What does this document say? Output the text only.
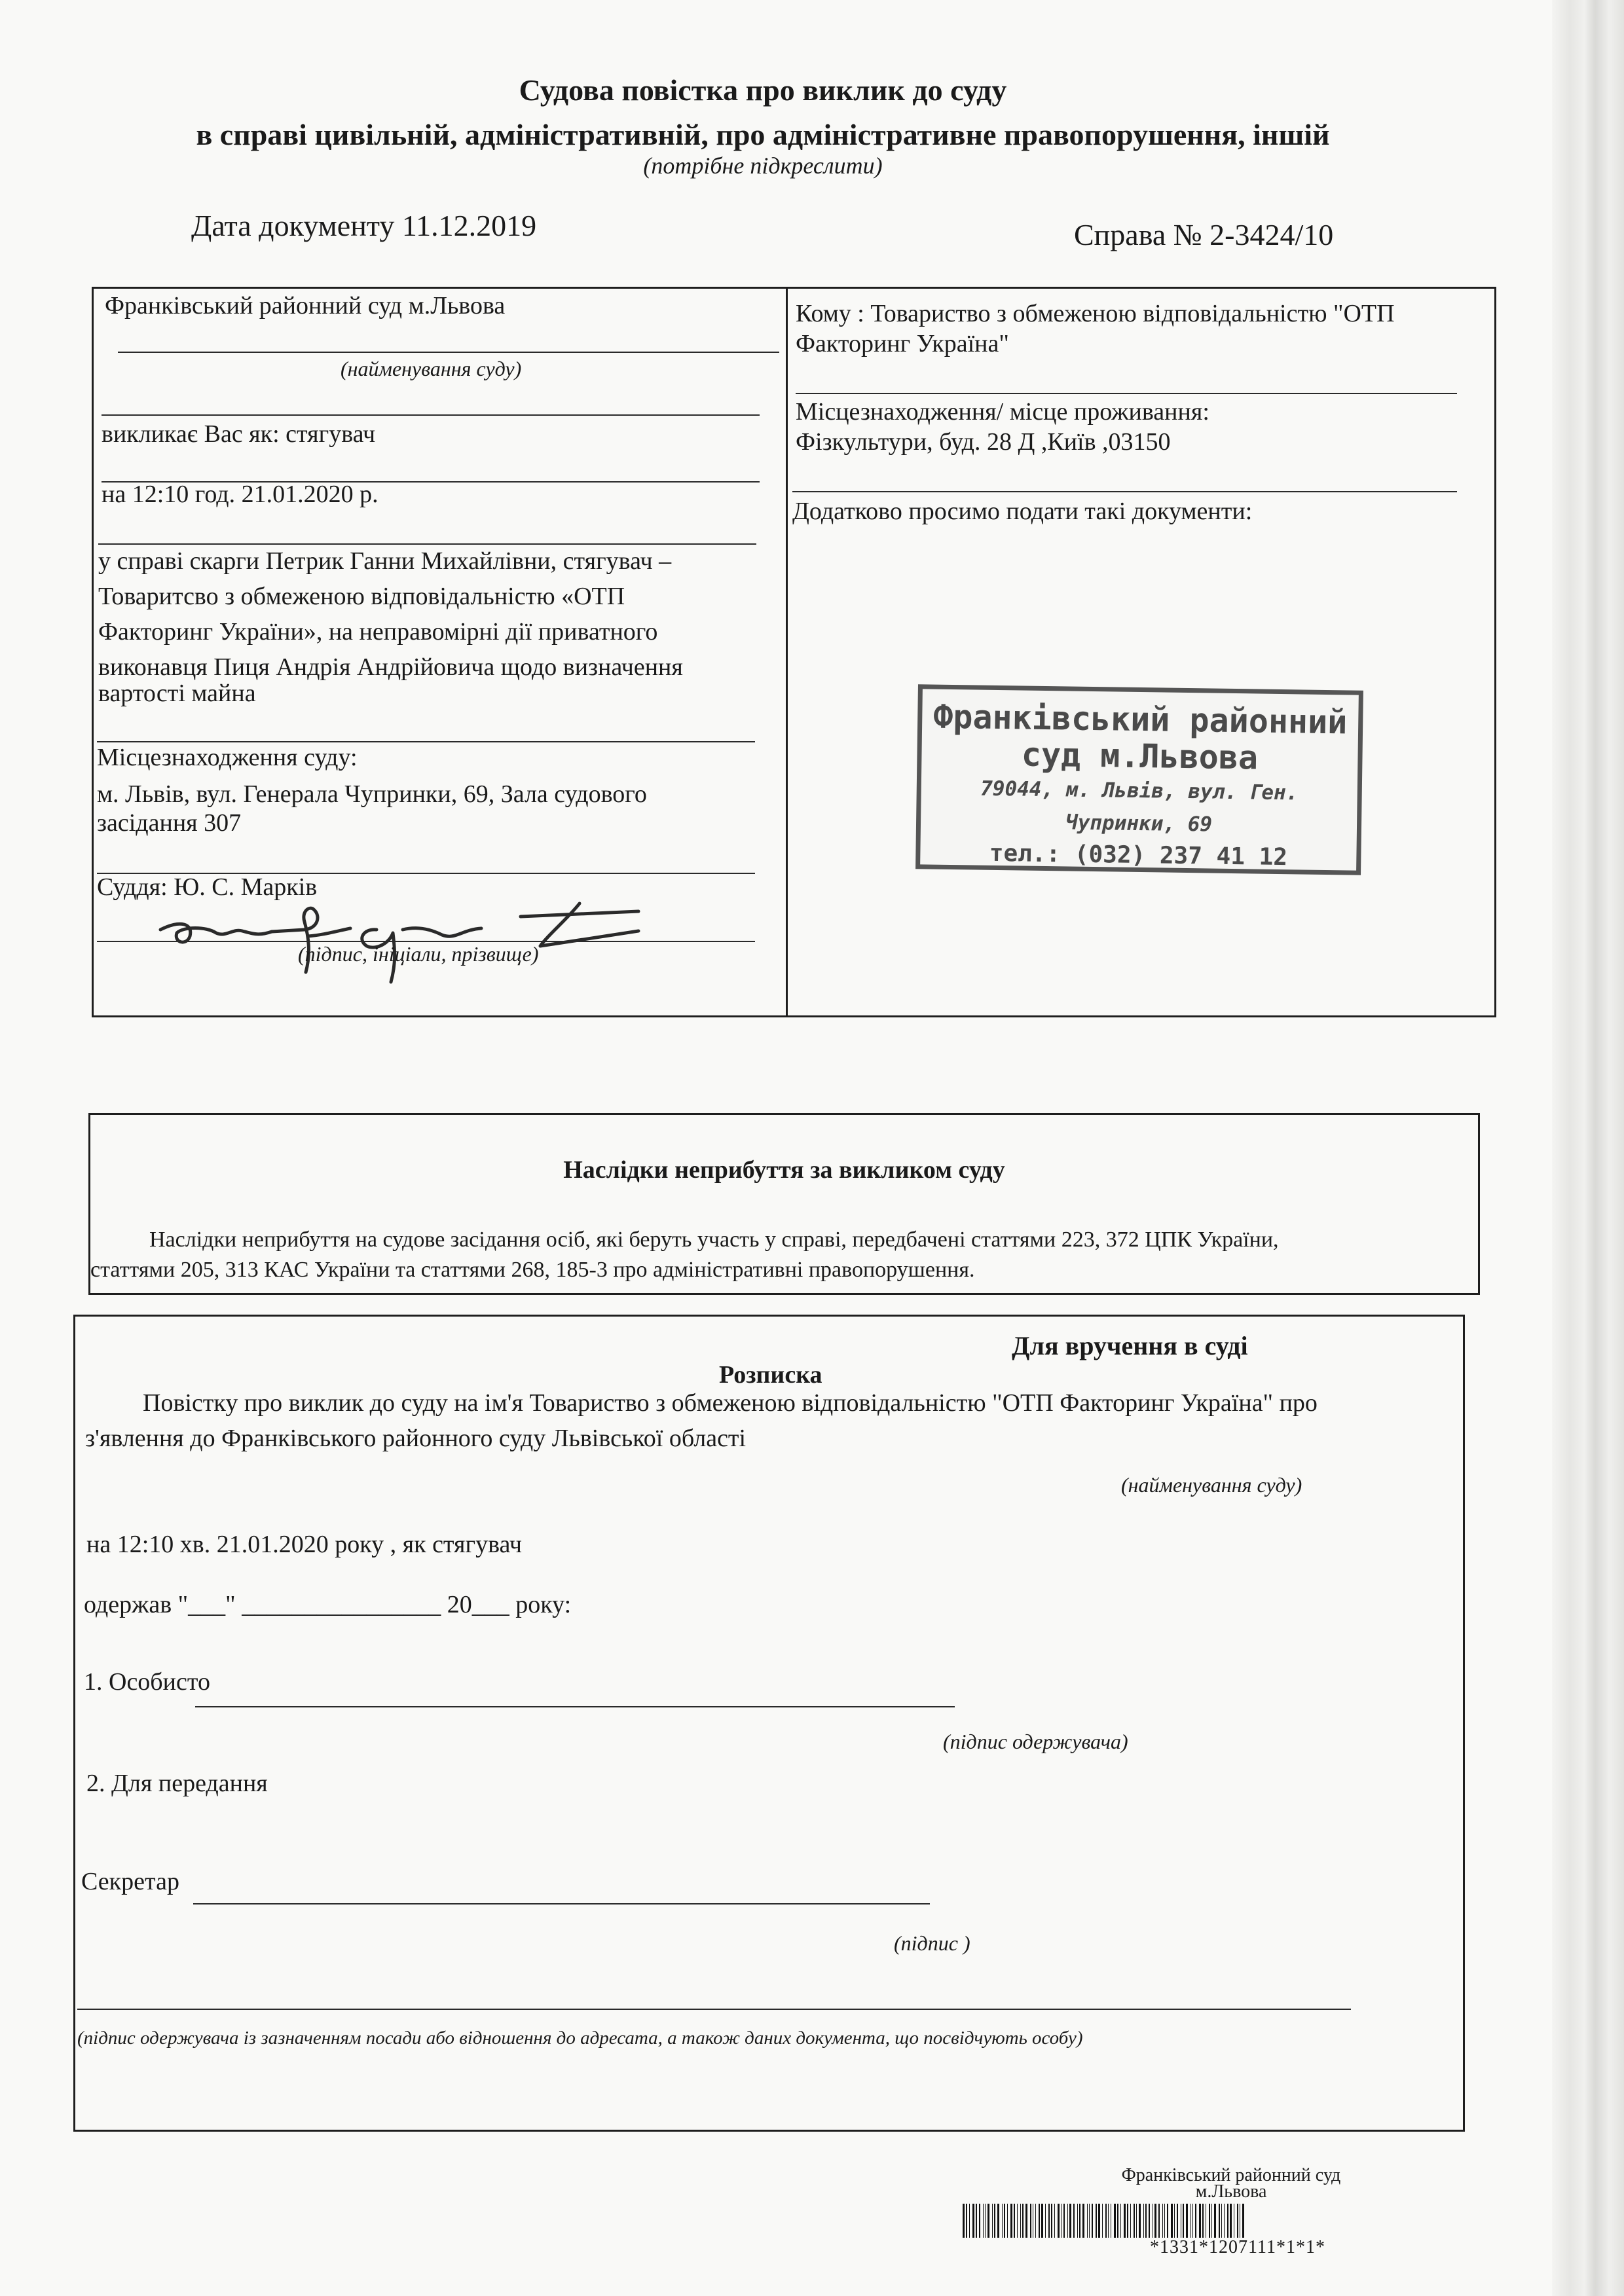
Судова повістка про виклик до суду
в справі цивільній, адміністративній, про адміністративне правопорушення, іншій
(потрібне підкреслити)
Дата документу 11.12.2019	Справа № 2-3424/10
Франківський районний суд м.Львова
(найменування суду)
викликає Вас як: стягувач
на 12:10 год. 21.01.2020 р.
у справі скарги Петрик Ганни Михайлівни, стягувач –
Товаритсво з обмеженою відповідальністю «ОТП
Факторинг України», на неправомірні дії приватного
виконавця Пиця Андрія Андрійовича щодо визначення
вартості майна
Місцезнаходження суду:
м. Львів, вул. Генерала Чупринки, 69, Зала судового
засідання 307
Суддя: Ю. С. Марків
(підпис, ініціали, прізвище)
Кому : Товариство з обмеженою відповідальністю "ОТП
Факторинг Україна"
Місцезнаходження/ місце проживання:
Фізкультури, буд. 28 Д ,Київ ,03150
Додатково просимо подати такі документи:
Франківський районний
суд м.Львова
79044, м. Львів, вул. Ген. Чупринки, 69
тел.: (032) 237 41 12
Наслідки неприбуття за викликом суду
Наслідки неприбуття на судове засідання осіб, які беруть участь у справі, передбачені статтями 223, 372 ЦПК України,
статтями 205, 313 КАС України та статтями 268, 185-3 про адміністративні правопорушення.
Для вручення в суді
Розписка
Повістку про виклик до суду на ім'я Товариство з обмеженою відповідальністю "ОТП Факторинг Україна" про
з'явлення до Франківського районного суду Львівської області
(найменування суду)
на 12:10 хв. 21.01.2020 року , як стягувач
одержав "___" ________________ 20___ року:
1. Особисто
(підпис одержувача)
2. Для передання
Секретар
(підпис )
(підпис одержувача із зазначенням посади або відношення до адресата, а також даних документа, що посвідчують особу)
Франківський районний суд
м.Львова
*1331*1207111*1*1*
